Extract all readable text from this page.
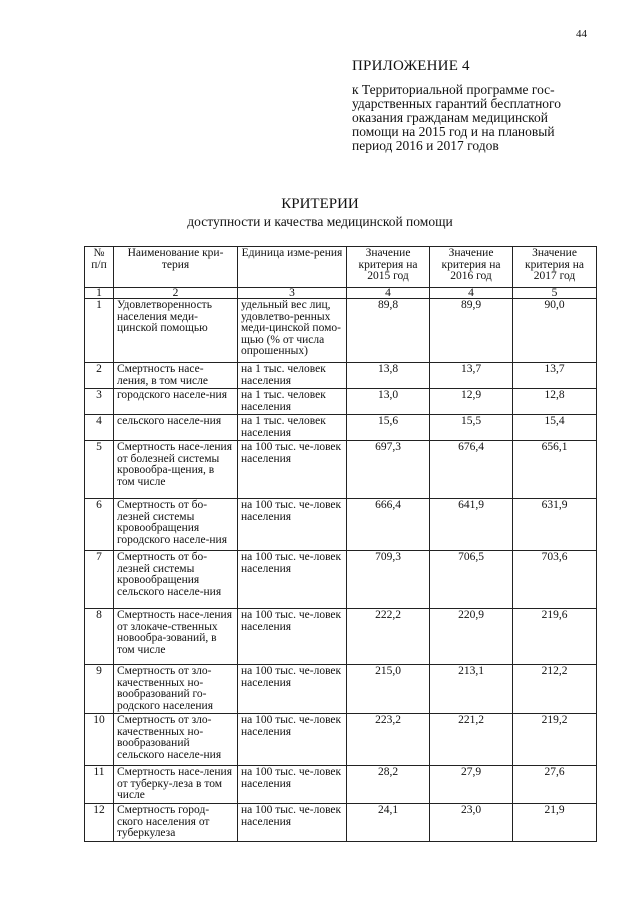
44

ПРИЛОЖЕНИЕ 4

к Территориальной программе гос-
ударственных гарантий бесплатного
оказания гражданам медицинской
помощи на 2015 год и на плановый
период 2016 и 2017 годов

КРИТЕРИИ
доступности и качества медицинской помощи
№ п/п	Наименование кри-терия	Единица изме-рения	Значение критерия на 2015 год	Значение критерия на 2016 год	Значение критерия на 2017 год
1	2	3	4	4	5
1	Удовлетворенность населения меди-цинской помощью	удельный вес лиц, удовлетво-ренных меди-цинской помо-щью (% от числа опрошенных)	89,8	89,9	90,0
2	Смертность насе-ления, в том числе	на 1 тыс. человек населения	13,8	13,7	13,7
3	городского населе-ния	на 1 тыс. человек населения	13,0	12,9	12,8
4	сельского населе-ния	на 1 тыс. человек населения	15,6	15,5	15,4
5	Смертность насе-ления от болезней системы кровообра-щения, в том числе	на 100 тыс. че-ловек населения	697,3	676,4	656,1
6	Смертность от бо-лезней системы кровообращения городского населе-ния	на 100 тыс. че-ловек населения	666,4	641,9	631,9
7	Смертность от бо-лезней системы кровообращения сельского населе-ния	на 100 тыс. че-ловек населения	709,3	706,5	703,6
8	Смертность насе-ления от злокаче-ственных новообра-зований, в том числе	на 100 тыс. че-ловек населения	222,2	220,9	219,6
9	Смертность от зло-качественных но-вообразований го-родского населения	на 100 тыс. че-ловек населения	215,0	213,1	212,2
10	Смертность от зло-качественных но-вообразований сельского населе-ния	на 100 тыс. че-ловек населения	223,2	221,2	219,2
11	Смертность насе-ления от туберку-леза в том числе	на 100 тыс. че-ловек населения	28,2	27,9	27,6
12	Смертность город-ского населения от туберкулеза	на 100 тыс. че-ловек населения	24,1	23,0	21,9
